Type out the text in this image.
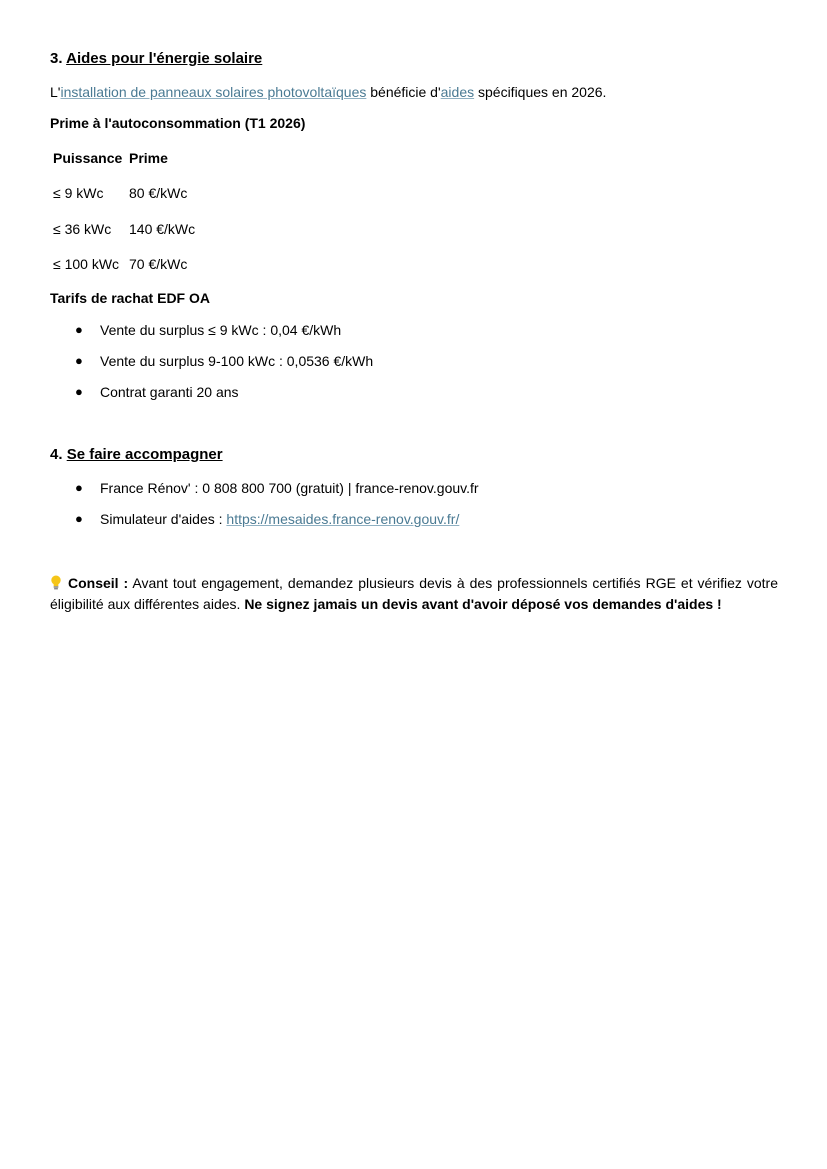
3. Aides pour l'énergie solaire
L'installation de panneaux solaires photovoltaïques bénéficie d'aides spécifiques en 2026.
Prime à l'autoconsommation (T1 2026)
Puissance Prime
≤ 9 kWc 80 €/kWc
≤ 36 kWc 140 €/kWc
≤ 100 kWc 70 €/kWc
Tarifs de rachat EDF OA
● Vente du surplus ≤ 9 kWc : 0,04 €/kWh
● Vente du surplus 9-100 kWc : 0,0536 €/kWh
● Contrat garanti 20 ans
4. Se faire accompagner
● France Rénov' : 0 808 800 700 (gratuit) | france-renov.gouv.fr
● Simulateur d'aides : https://mesaides.france-renov.gouv.fr/
Conseil : Avant tout engagement, demandez plusieurs devis à des professionnels certifiés RGE et vérifiez votre éligibilité aux différentes aides. Ne signez jamais un devis avant d'avoir déposé vos demandes d'aides !
